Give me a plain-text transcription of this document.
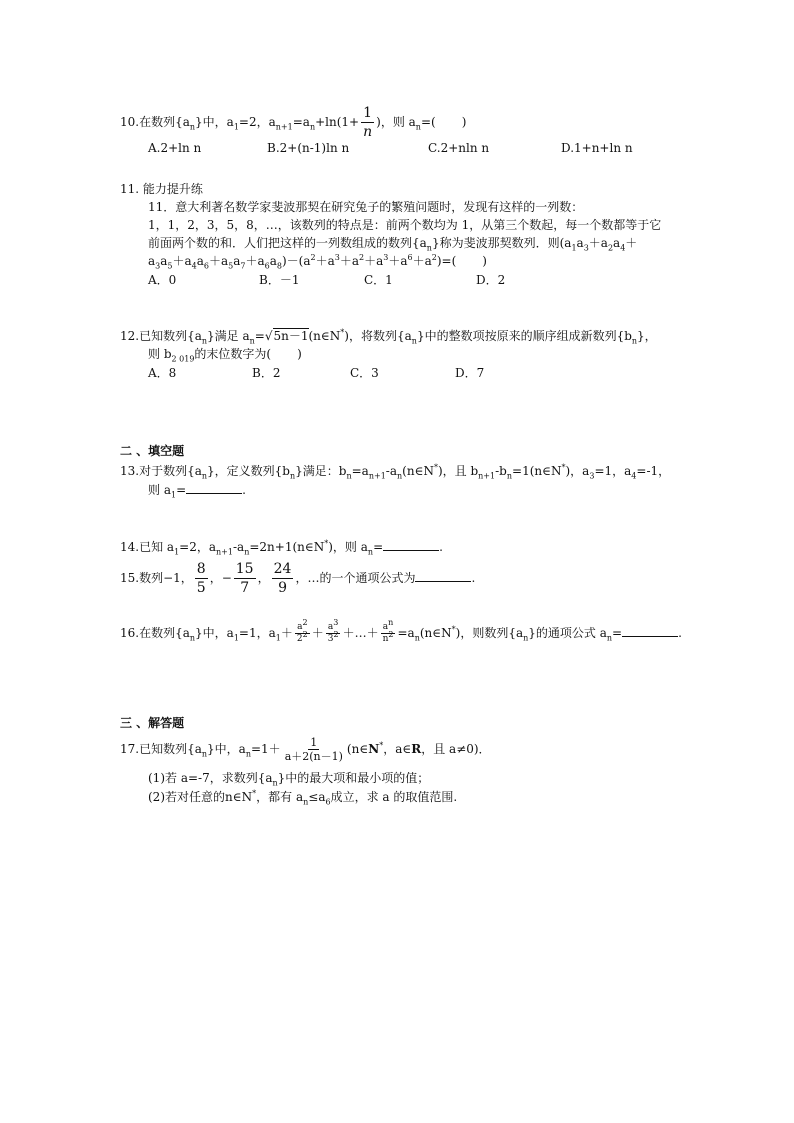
10.在数列$\{a_n\}$中，$a_1=2$，$a_{n+1}=a_n+\ln(1+ \frac{1}{n}$ )，则 $a_n=$( )
A.2+ln n	B.2+(n-1)ln n	C.2+nln n	D.1+n+ln n
11. 能力提升练
11．意大利著名数学家斐波那契在研究兔子的繁殖问题时，发现有这样的一列数：
1，1，2，3，5，8，…，该数列的特点是：前两个数均为 1，从第三个数起，每一个数都等于它
前面两个数的和．人们把这样的一列数组成的数列$\{a_n\}$称为斐波那契数列．则($a_1a_3+a_2a_4+$
$a_3a_5+a_4a_6+a_5a_7+a_6a_8)-(a^2+a^3+a^2+a^3+a^6+a^2)=$( )
A．0	B．－1	C．1	D．2
12.已知数列$\{a_n\}$满足 $a_n=√5n-1(n\in N^*)$，将数列$\{a_n\}$中的整数项按原来的顺序组成新数列$\{b_n\}$，
则 $b_{2 019}$的末位数字为( )
A．8	B．2	C．3	D．7
二 、填空题
13.对于数列$\{a_n\}$，定义数列$\{b_n\}$满足：$b_n=a_{n+1}-a_n(n\in N^*)$，且 $b_{n+1}-b_n=1(n\in N^*)$，$a_3=1$，$a_4=-1$，
则 $a_1=$	.
14.已知 $a_1=2$，$a_{n+1}-a_n=2n+1(n\in N^*)$，则 $a_n=$	.
15.数列−1， $\frac{8}{5}$ ，− $\frac{15}{7}$ ， $\frac{24}{9}$ ，…的一个通项公式为	.
16.在数列$\{a_n\}$中，$a_1=1$，$a_1+ \frac{a^2}{2^2} + \frac{a^3}{3^2}$ ＋…＋ $\frac{a^n}{n^2}$ $=a_n(n\in N^*)$，则数列$\{a_n\}$的通项公式 $a_n=$	.
三 、解答题
17.已知数列$\{a_n\}$中，$a_n=1+ \frac{1}{a+2(n-1)}$ (n∈N*，a∈R，且 a≠0)．
(1)若 a=-7，求数列$\{a_n\}$中的最大项和最小项的值；
(2)若对任意的n∈N*，都有 $a_n\le a_6$成立，求 a 的取值范围.
